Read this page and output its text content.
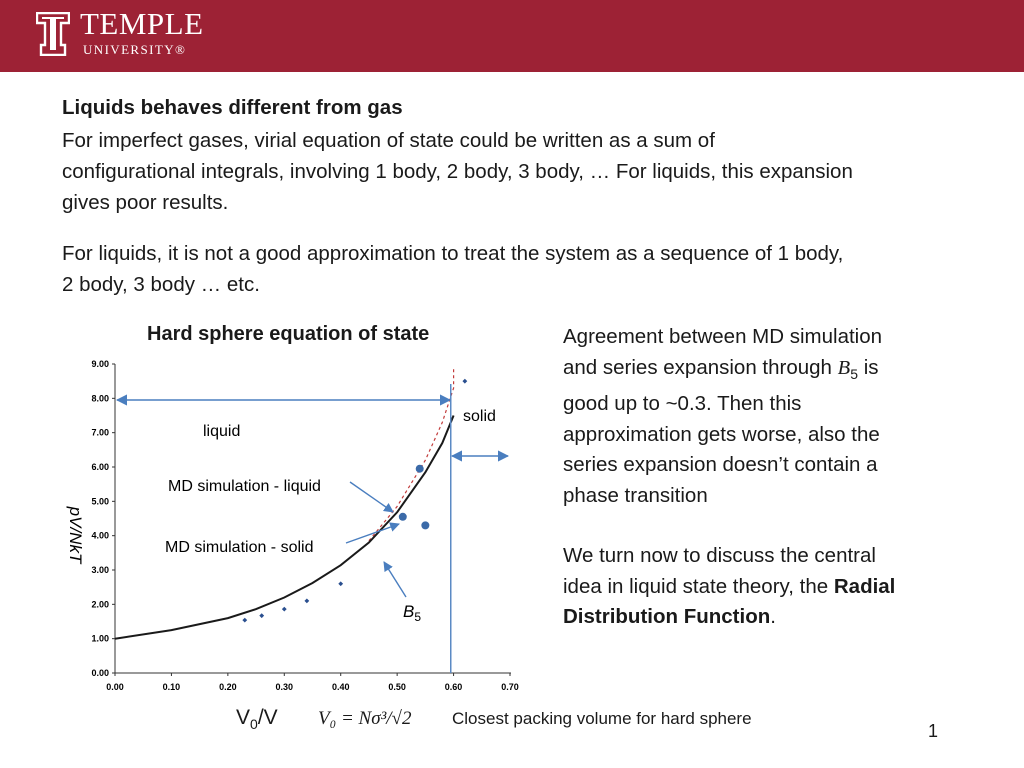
TEMPLE
UNIVERSITY®
Liquids behaves different from gas
For imperfect gases, virial equation of state could be written as a sum of
configurational integrals, involving 1 body, 2 body, 3 body, … For liquids, this expansion
gives poor results.
For liquids, it is not a good approximation to treat the system as a sequence of 1 body,
2 body, 3 body … etc.
Hard sphere equation of state
0.00
1.00
2.00
3.00
4.00
5.00
6.00
7.00
8.00
9.00
0.00	0.10	0.20	0.30	0.40	0.50	0.60	0.70
pV/NkT
liquid
solid
MD simulation - liquid
MD simulation - solid
$B_5$

Agreement between MD simulation

and series expansion through $B_5$ is

good up to ~0.3. Then this

approximation gets worse, also the

series expansion doesn’t contain a

phase transition

We turn now to discuss the central

idea in liquid state theory, the Radial

Distribution Function.

$V_0/V$ V₀ = Nσ³/√2 Closest packing volume for hard sphere
1
